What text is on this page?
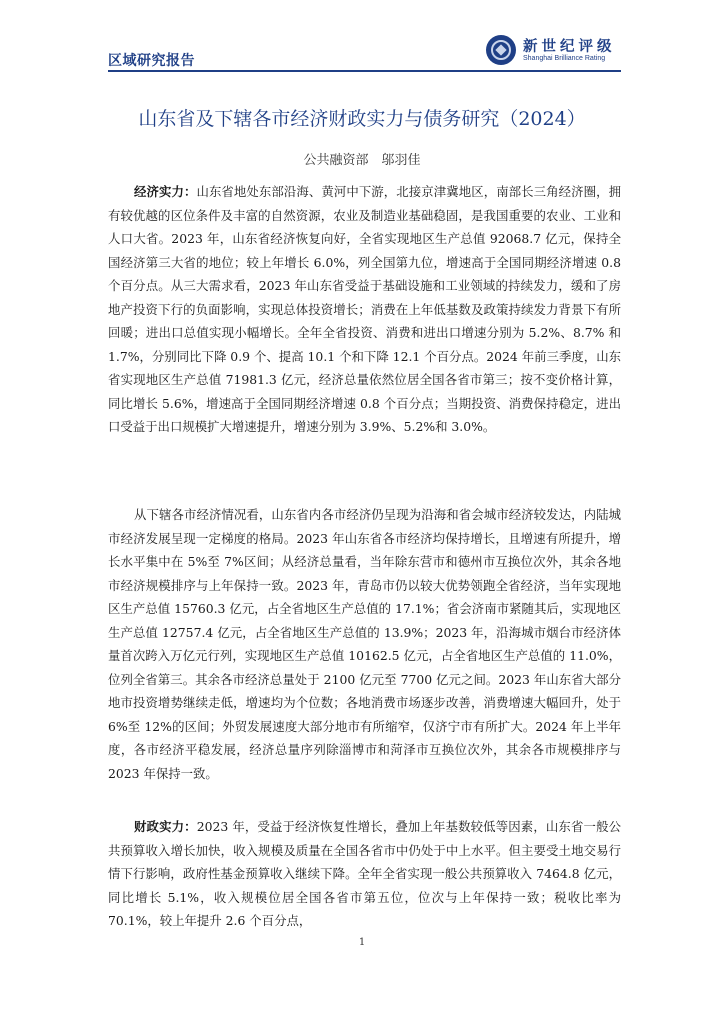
区域研究报告
新世纪评级
Shanghai Brilliance Rating
山东省及下辖各市经济财政实力与债务研究（2024）
公共融资部　邬羽佳

经济实力：山东省地处东部沿海、黄河中下游，北接京津冀地区，南部长三角经济圈，拥有较优越的区位条件及丰富的自然资源，农业及制造业基础稳固，是我国重要的农业、工业和人口大省。2023 年，山东省经济恢复向好，全省实现地区生产总值 92068.7 亿元，保持全国经济第三大省的地位；较上年增长 6.0%，列全国第九位，增速高于全国同期经济增速 0.8 个百分点。从三大需求看，2023 年山东省受益于基础设施和工业领域的持续发力，缓和了房地产投资下行的负面影响，实现总体投资增长；消费在上年低基数及政策持续发力背景下有所回暖；进出口总值实现小幅增长。全年全省投资、消费和进出口增速分别为 5.2%、8.7% 和 1.7%，分别同比下降 0.9 个、提高 10.1 个和下降 12.1 个百分点。2024 年前三季度，山东省实现地区生产总值 71981.3 亿元，经济总量依然位居全国各省市第三；按不变价格计算，同比增长 5.6%，增速高于全国同期经济增速 0.8 个百分点；当期投资、消费保持稳定，进出口受益于出口规模扩大增速提升，增速分别为 3.9%、5.2%和 3.0%。

从下辖各市经济情况看，山东省内各市经济仍呈现为沿海和省会城市经济较发达，内陆城市经济发展呈现一定梯度的格局。2023 年山东省各市经济均保持增长，且增速有所提升，增长水平集中在 5%至 7%区间；从经济总量看，当年除东营市和德州市互换位次外，其余各地市经济规模排序与上年保持一致。2023 年，青岛市仍以较大优势领跑全省经济，当年实现地区生产总值 15760.3 亿元，占全省地区生产总值的 17.1%；省会济南市紧随其后，实现地区生产总值 12757.4 亿元，占全省地区生产总值的 13.9%；2023 年，沿海城市烟台市经济体量首次跨入万亿元行列，实现地区生产总值 10162.5 亿元，占全省地区生产总值的 11.0%，位列全省第三。其余各市经济总量处于 2100 亿元至 7700 亿元之间。2023 年山东省大部分地市投资增势继续走低，增速均为个位数；各地消费市场逐步改善，消费增速大幅回升，处于 6%至 12%的区间；外贸发展速度大部分地市有所缩窄，仅济宁市有所扩大。2024 年上半年度，各市经济平稳发展，经济总量序列除淄博市和菏泽市互换位次外，其余各市规模排序与 2023 年保持一致。

财政实力：2023 年，受益于经济恢复性增长，叠加上年基数较低等因素，山东省一般公共预算收入增长加快，收入规模及质量在全国各省市中仍处于中上水平。但主要受土地交易行情下行影响，政府性基金预算收入继续下降。全年全省实现一般公共预算收入 7464.8 亿元，同比增长 5.1%，收入规模位居全国各省市第五位，位次与上年保持一致；税收比率为 70.1%，较上年提升 2.6 个百分点，

1
